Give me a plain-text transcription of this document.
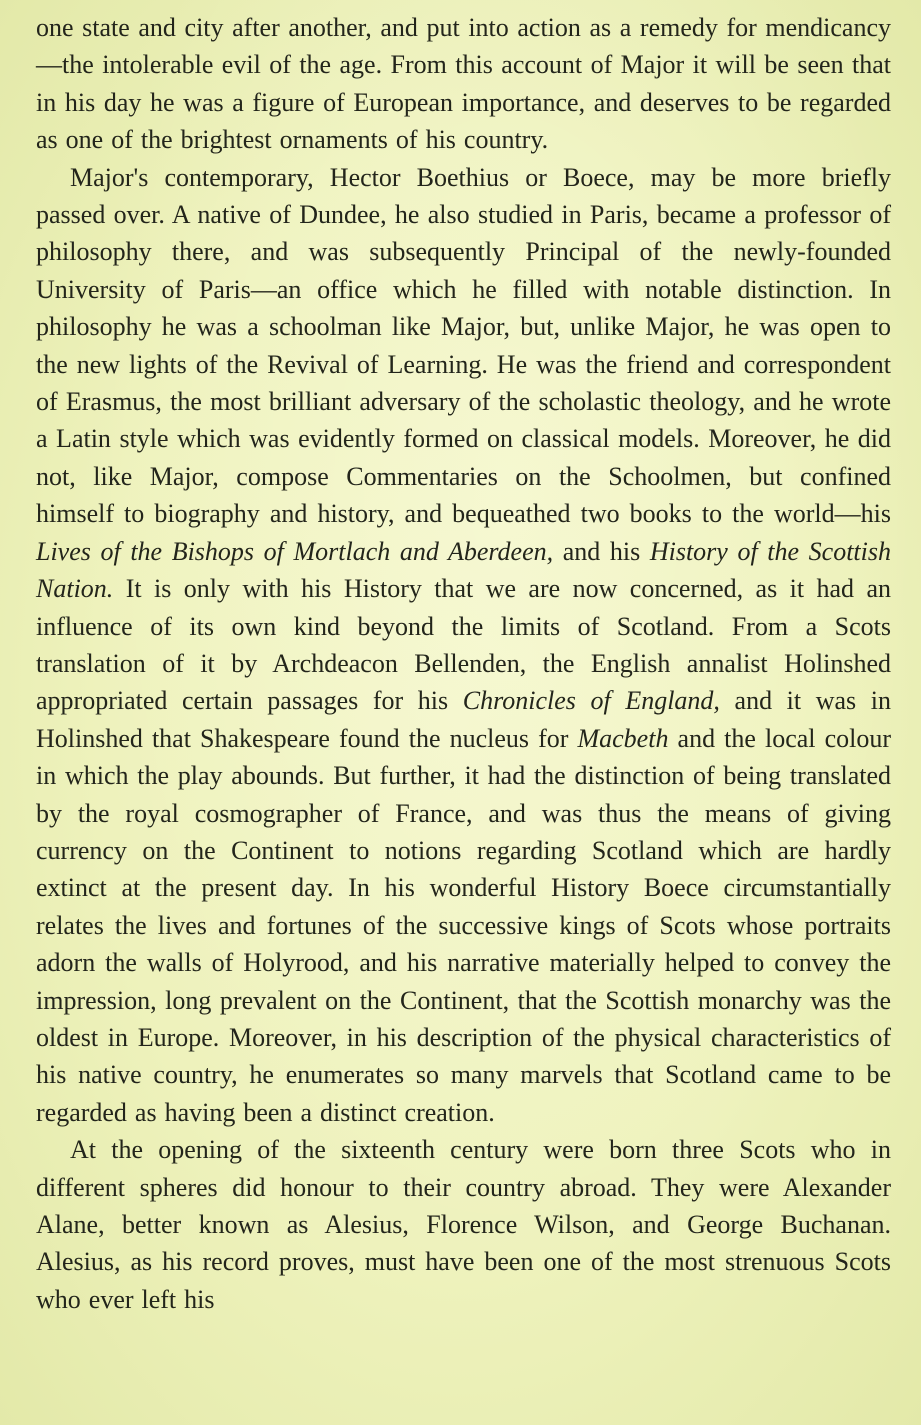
one state and city after another, and put into action as a remedy for mendicancy—the intolerable evil of the age. From this account of Major it will be seen that in his day he was a figure of European importance, and deserves to be regarded as one of the brightest ornaments of his country.

Major's contemporary, Hector Boethius or Boece, may be more briefly passed over. A native of Dundee, he also studied in Paris, became a professor of philosophy there, and was subsequently Principal of the newly-founded University of Paris—an office which he filled with notable distinction. In philosophy he was a schoolman like Major, but, unlike Major, he was open to the new lights of the Revival of Learning. He was the friend and correspondent of Erasmus, the most brilliant adversary of the scholastic theology, and he wrote a Latin style which was evidently formed on classical models. Moreover, he did not, like Major, compose Commentaries on the Schoolmen, but confined himself to biography and history, and bequeathed two books to the world—his Lives of the Bishops of Mortlach and Aberdeen, and his History of the Scottish Nation. It is only with his History that we are now concerned, as it had an influence of its own kind beyond the limits of Scotland. From a Scots translation of it by Archdeacon Bellenden, the English annalist Holinshed appropriated certain passages for his Chronicles of England, and it was in Holinshed that Shakespeare found the nucleus for Macbeth and the local colour in which the play abounds. But further, it had the distinction of being translated by the royal cosmographer of France, and was thus the means of giving currency on the Continent to notions regarding Scotland which are hardly extinct at the present day. In his wonderful History Boece circumstantially relates the lives and fortunes of the successive kings of Scots whose portraits adorn the walls of Holyrood, and his narrative materially helped to convey the impression, long prevalent on the Continent, that the Scottish monarchy was the oldest in Europe. Moreover, in his description of the physical characteristics of his native country, he enumerates so many marvels that Scotland came to be regarded as having been a distinct creation.

At the opening of the sixteenth century were born three Scots who in different spheres did honour to their country abroad. They were Alexander Alane, better known as Alesius, Florence Wilson, and George Buchanan. Alesius, as his record proves, must have been one of the most strenuous Scots who ever left his
